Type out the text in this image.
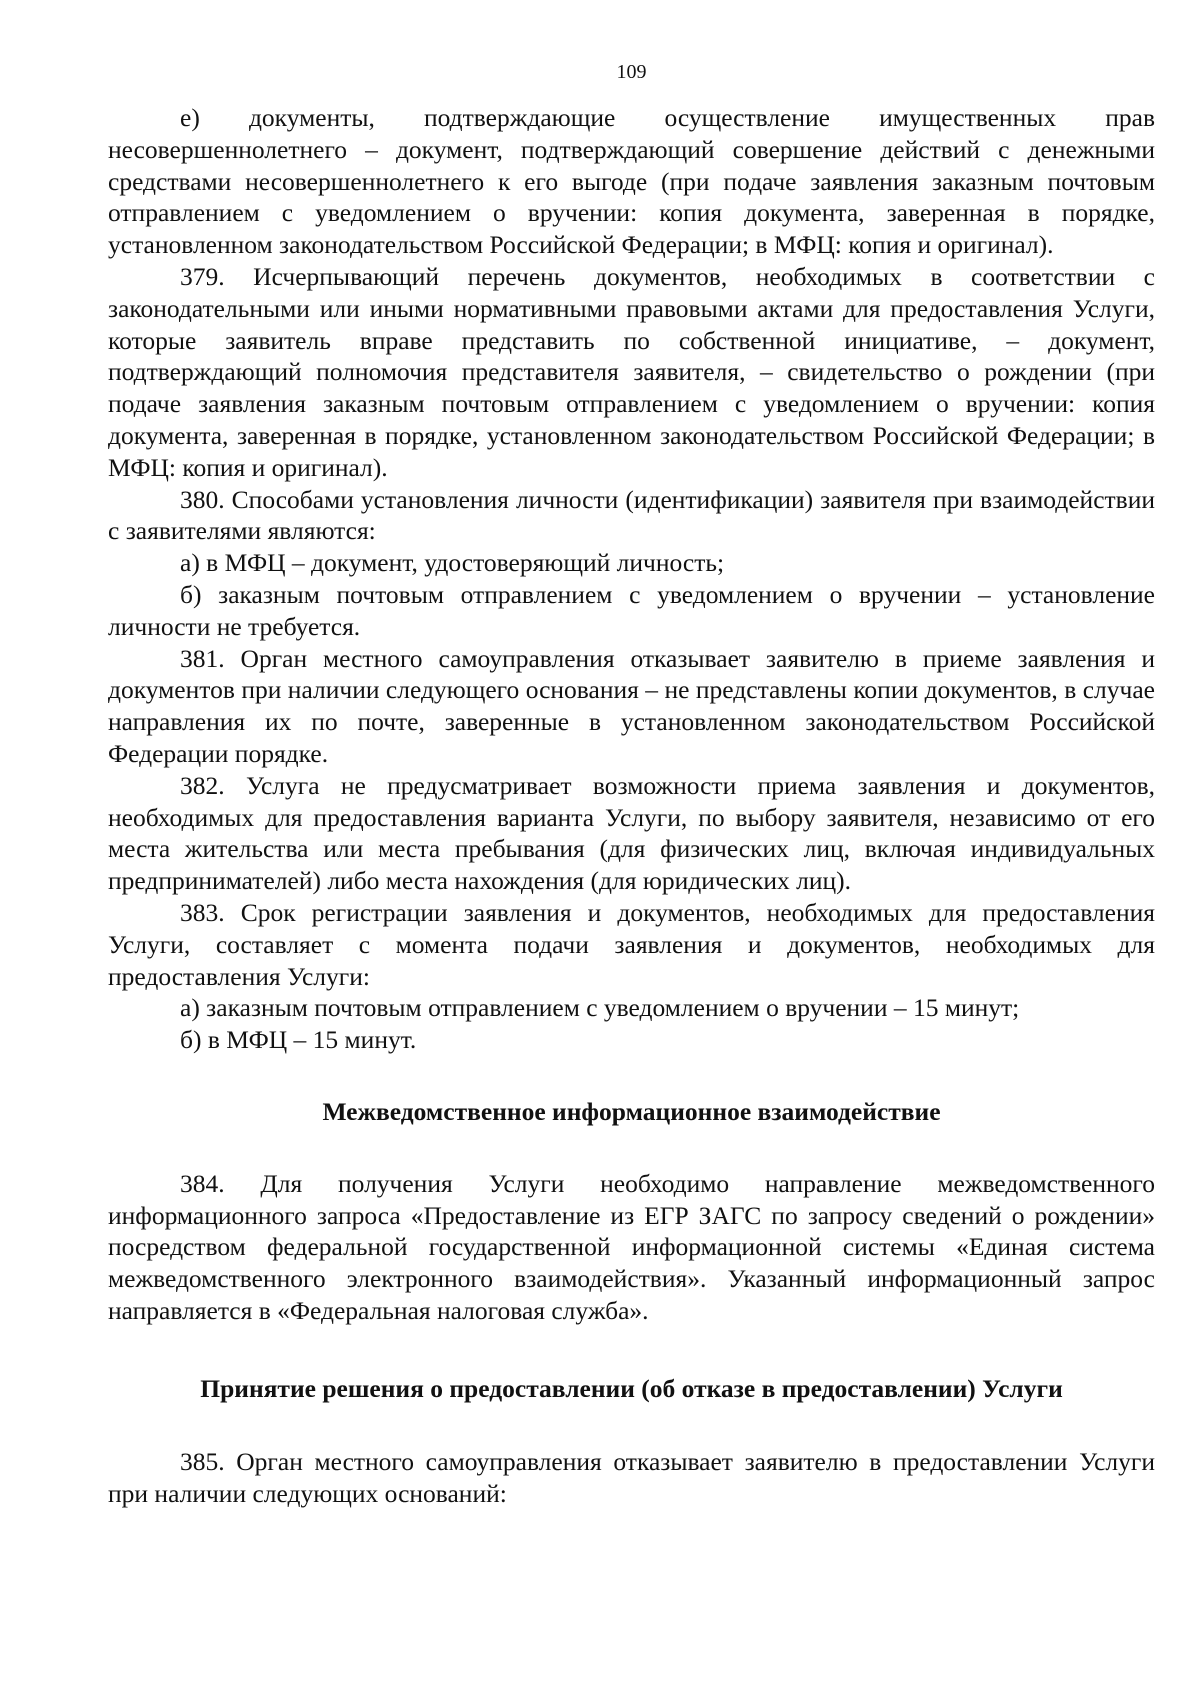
109

е) документы, подтверждающие осуществление имущественных прав несовершеннолетнего – документ, подтверждающий совершение действий с денежными средствами несовершеннолетнего к его выгоде (при подаче заявления заказным почтовым отправлением с уведомлением о вручении: копия документа, заверенная в порядке, установленном законодательством Российской Федерации; в МФЦ: копия и оригинал).

379. Исчерпывающий перечень документов, необходимых в соответствии с законодательными или иными нормативными правовыми актами для предоставления Услуги, которые заявитель вправе представить по собственной инициативе, – документ, подтверждающий полномочия представителя заявителя, – свидетельство о рождении (при подаче заявления заказным почтовым отправлением с уведомлением о вручении: копия документа, заверенная в порядке, установленном законодательством Российской Федерации; в МФЦ: копия и оригинал).

380. Способами установления личности (идентификации) заявителя при взаимодействии с заявителями являются:

а) в МФЦ – документ, удостоверяющий личность;

б) заказным почтовым отправлением с уведомлением о вручении – установление личности не требуется.

381. Орган местного самоуправления отказывает заявителю в приеме заявления и документов при наличии следующего основания – не представлены копии документов, в случае направления их по почте, заверенные в установленном законодательством Российской Федерации порядке.

382. Услуга не предусматривает возможности приема заявления и документов, необходимых для предоставления варианта Услуги, по выбору заявителя, независимо от его места жительства или места пребывания (для физических лиц, включая индивидуальных предпринимателей) либо места нахождения (для юридических лиц).

383. Срок регистрации заявления и документов, необходимых для предоставления Услуги, составляет с момента подачи заявления и документов, необходимых для предоставления Услуги:

а) заказным почтовым отправлением с уведомлением о вручении – 15 минут;

б) в МФЦ – 15 минут.

Межведомственное информационное взаимодействие

384. Для получения Услуги необходимо направление межведомственного информационного запроса «Предоставление из ЕГР ЗАГС по запросу сведений о рождении» посредством федеральной государственной информационной системы «Единая система межведомственного электронного взаимодействия». Указанный информационный запрос направляется в «Федеральная налоговая служба».

Принятие решения о предоставлении (об отказе в предоставлении) Услуги

385. Орган местного самоуправления отказывает заявителю в предоставлении Услуги при наличии следующих оснований:
